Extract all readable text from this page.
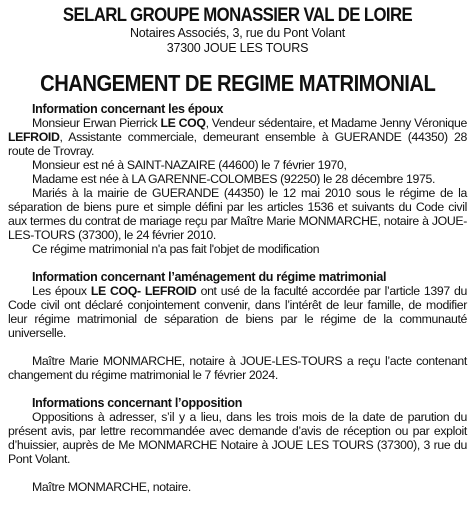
SELARL GROUPE MONASSIER VAL DE LOIRE

Notaires Associés, 3, rue du Pont Volant

37300 JOUE LES TOURS

CHANGEMENT DE REGIME MATRIMONIAL

Information concernant les époux

Monsieur Erwan Pierrick LE COQ, Vendeur sédentaire, et Madame Jenny Véronique LEFROID, Assistante commerciale, demeurant ensemble à GUERANDE (44350) 28 route de Trovray.

Monsieur est né à SAINT-NAZAIRE (44600) le 7 février 1970,

Madame est née à LA GARENNE-COLOMBES (92250) le 28 décembre 1975.

Mariés à la mairie de GUERANDE (44350) le 12 mai 2010 sous le régime de la séparation de biens pure et simple défini par les articles 1536 et suivants du Code civil aux termes du contrat de mariage reçu par Maître Marie MONMARCHE, notaire à JOUE-LES-TOURS (37300), le 24 février 2010.

Ce régime matrimonial n'a pas fait l'objet de modification

Information concernant l’aménagement du régime matrimonial

Les époux LE COQ- LEFROID ont usé de la faculté accordée par l’article 1397 du Code civil ont déclaré conjointement convenir, dans l’intérêt de leur famille, de modifier leur régime matrimonial de séparation de biens par le régime de la communauté universelle.

Maître Marie MONMARCHE, notaire à JOUE-LES-TOURS a reçu l’acte contenant changement du régime matrimonial le 7 février 2024.

Informations concernant l’opposition

Oppositions à adresser, s’il y a lieu, dans les trois mois de la date de parution du présent avis, par lettre recommandée avec demande d’avis de réception ou par exploit d’huissier, auprès de Me MONMARCHE Notaire à JOUE LES TOURS (37300), 3 rue du Pont Volant.

Maître MONMARCHE, notaire.
